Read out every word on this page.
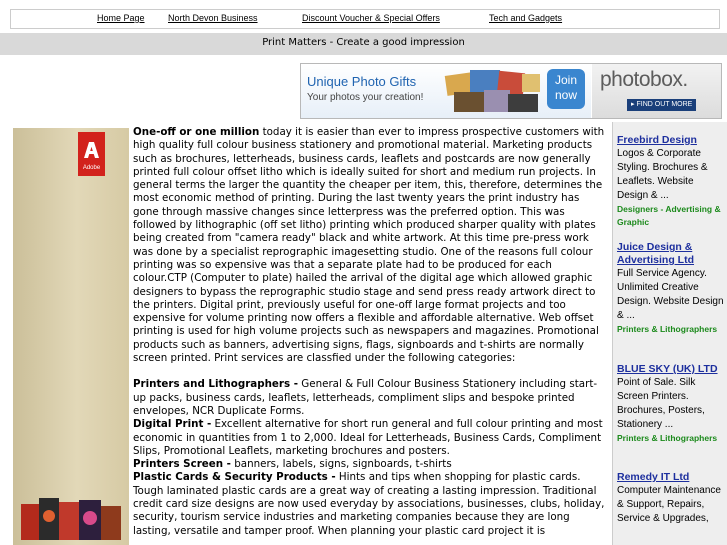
Home Page	North Devon Business	Discount Voucher & Special Offers	Tech and Gadgets
Print Matters - Create a good impression
Unique Photo Gifts
Your photos your creation!
Join
now
photobox.
▸ FIND OUT MORE
Adobe

One-off or one million today it is easier than ever to impress prospective customers with high quality full colour business stationery and promotional material. Marketing products such as brochures, letterheads, business cards, leaflets and postcards are now generally printed full colour offset litho which is ideally suited for short and medium run projects. In general terms the larger the quantity the cheaper per item, this, therefore, determines the most economic method of printing. During the last twenty years the print industry has gone through massive changes since letterpress was the preferred option. This was followed by lithographic (off set litho) printing which produced sharper quality with plates being created from "camera ready" black and white artwork. At this time pre-press work was done by a specialist reprographic imagesetting studio. One of the reasons full colour printing was so expensive was that a separate plate had to be produced for each colour.CTP (Computer to plate) hailed the arrival of the digital age which allowed graphic designers to bypass the reprographic studio stage and send press ready artwork direct to the printers. Digital print, previously useful for one-off large format projects and too expensive for volume printing now offers a flexible and affordable alternative. Web offset printing is used for high volume projects such as newspapers and magazines. Promotional products such as banners, advertising signs, flags, signboards and t-shirts are normally screen printed. Print services are classfied under the following categories:

Printers and Lithographers - General & Full Colour Business Stationery including start-up packs, business cards, leaflets, letterheads, compliment slips and bespoke printed envelopes, NCR Duplicate Forms.

Digital Print - Excellent alternative for short run general and full colour printing and most economic in quantities from 1 to 2,000. Ideal for Letterheads, Business Cards, Compliment Slips, Promotional Leaflets, marketing brochures and posters.

Printers Screen - banners, labels, signs, signboards, t-shirts

Plastic Cards & Security Products - Hints and tips when shopping for plastic cards. Tough laminated plastic cards are a great way of creating a lasting impression. Traditional credit card size designs are now used everyday by associations, businesses, clubs, holiday, security, tourism service industries and marketing companies because they are long lasting, versatile and tamper proof. When planning your plastic card project it is

Freebird Design
Logos & Corporate Styling. Brochures & Leaflets. Website Design & ...
Designers - Advertising & Graphic
Juice Design & Advertising Ltd
Full Service Agency. Unlimited Creative Design. Website Design & ...
Printers & Lithographers
BLUE SKY (UK) LTD
Point of Sale. Silk Screen Printers. Brochures, Posters, Stationery ...
Printers & Lithographers
Remedy IT Ltd
Computer Maintenance & Support, Repairs, Service & Upgrades,
